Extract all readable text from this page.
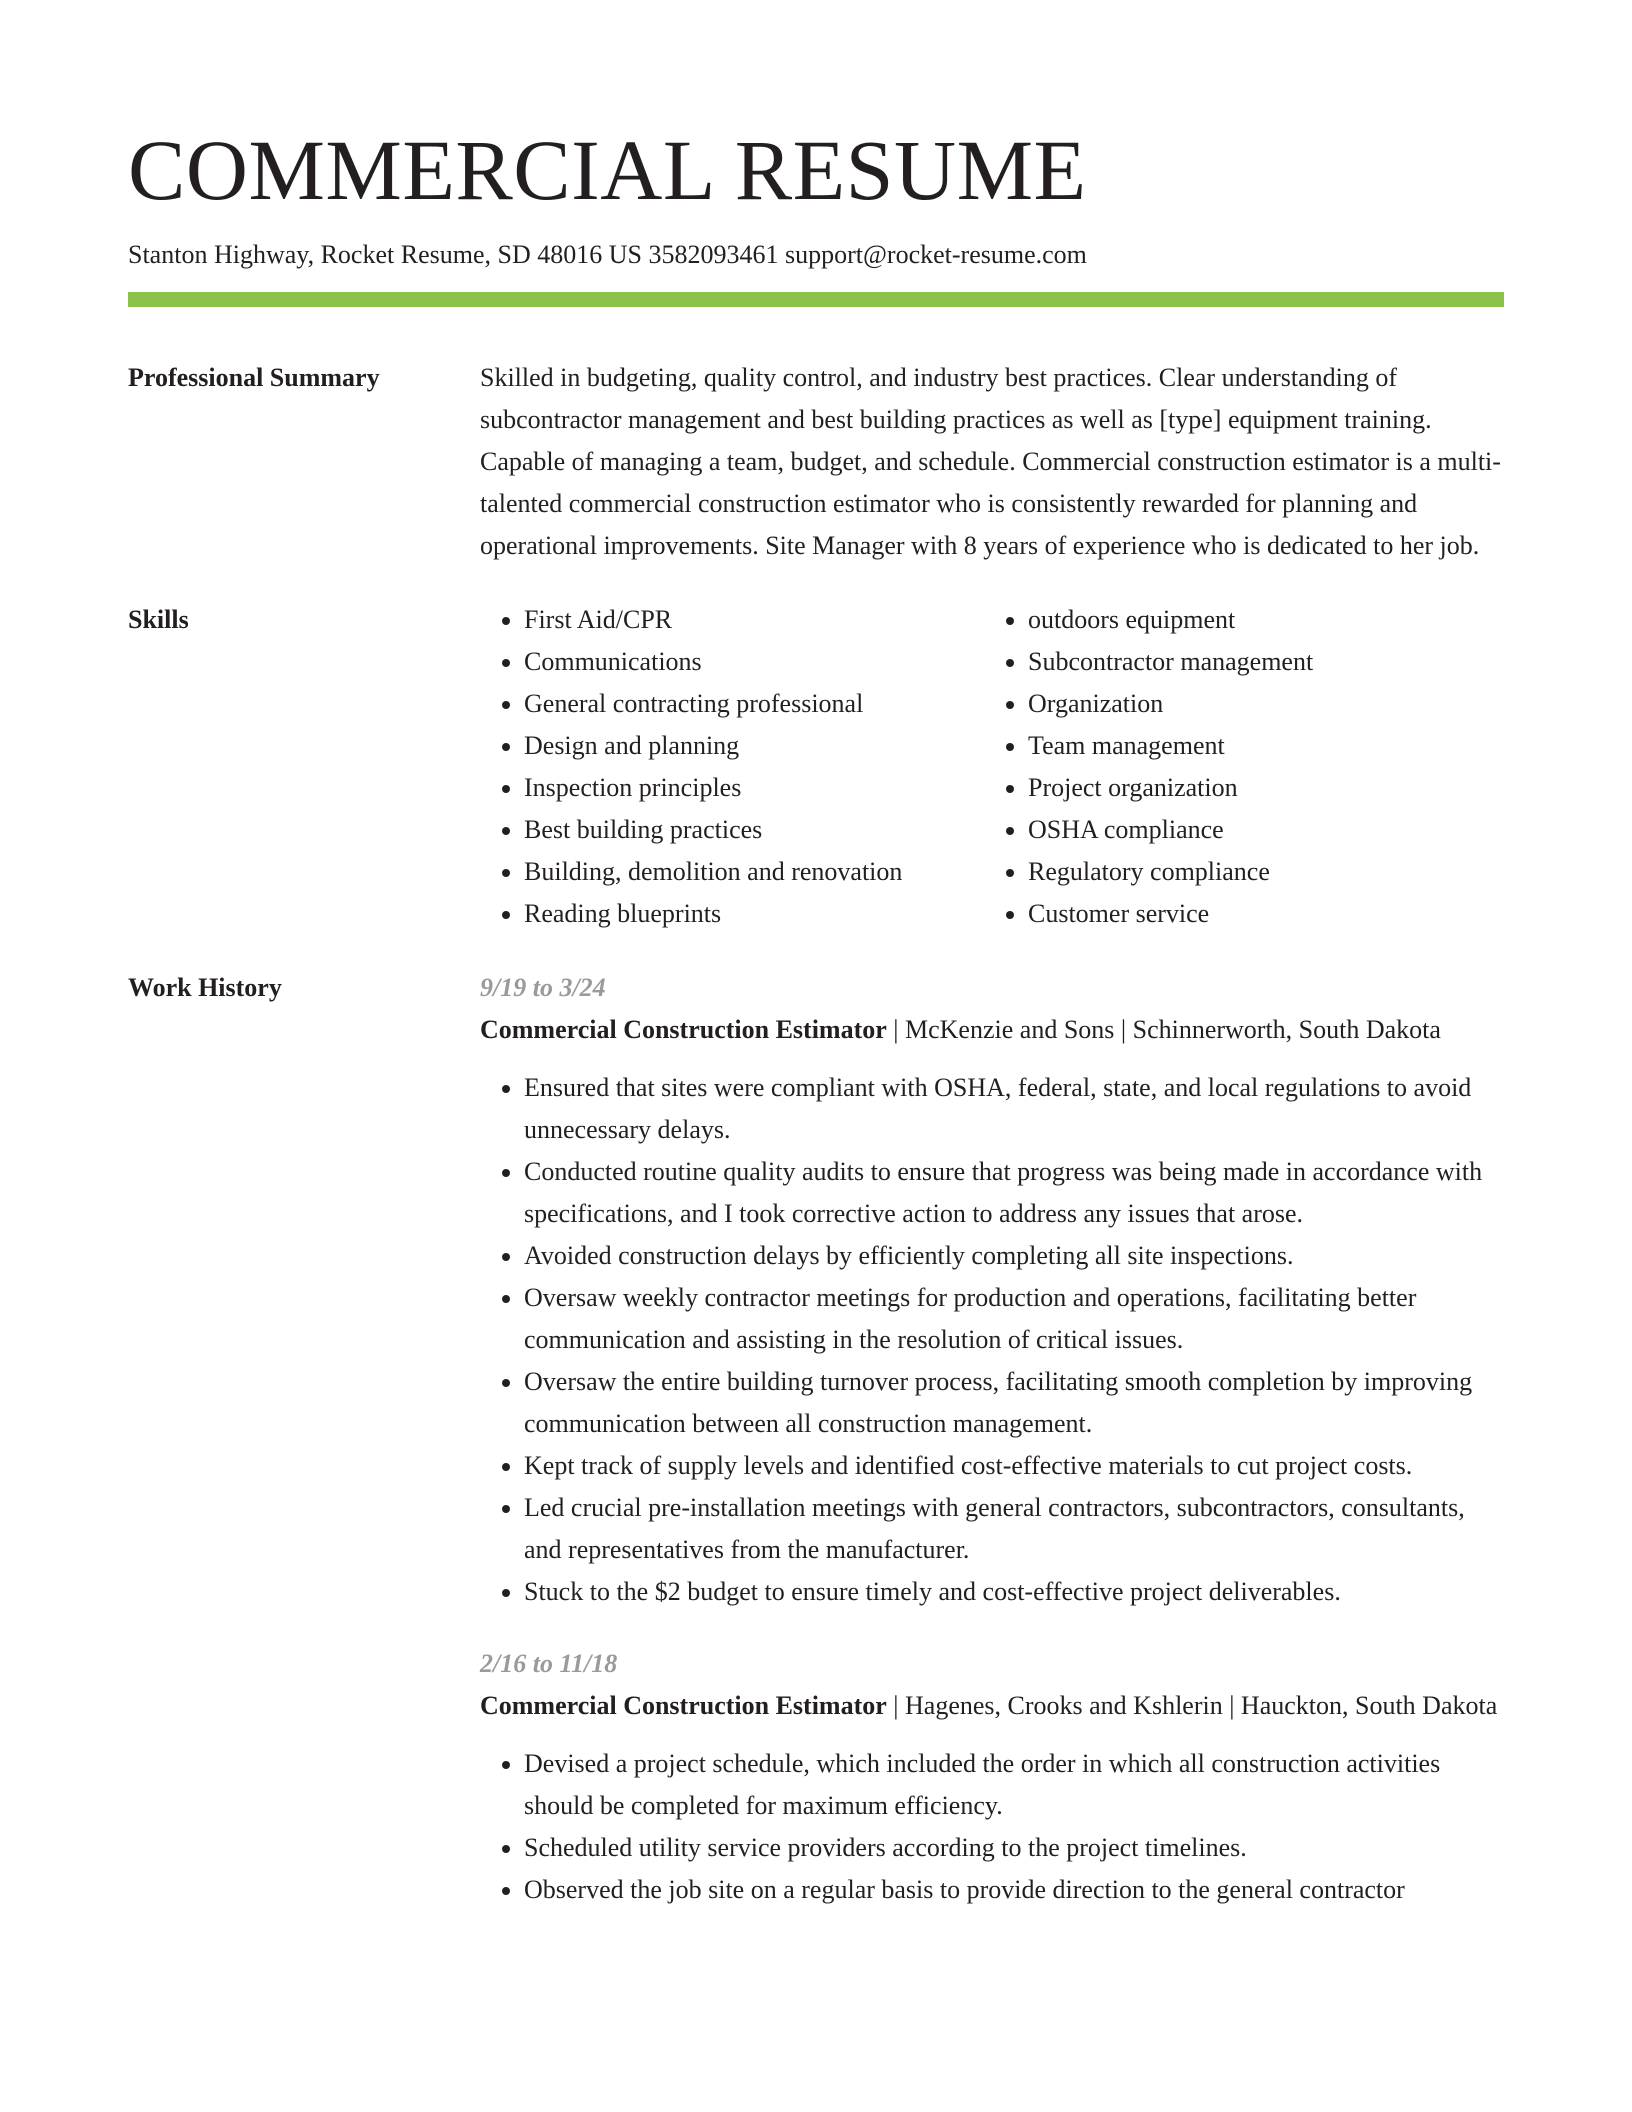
COMMERCIAL RESUME
Stanton Highway, Rocket Resume, SD 48016 US 3582093461 support@rocket-resume.com
Professional Summary	Skilled in budgeting, quality control, and industry best practices. Clear understanding of subcontractor management and best building practices as well as [type] equipment training. Capable of managing a team, budget, and schedule. Commercial construction estimator is a multi-talented commercial construction estimator who is consistently rewarded for planning and operational improvements. Site Manager with 8 years of experience who is dedicated to her job.

Skills
•	First Aid/CPR
• Communications
• General contracting professional
• Design and planning
• Inspection principles
• Best building practices
• Building, demolition and renovation
• Reading blueprints
• outdoors equipment
• Subcontractor management
• Organization
• Team management
• Project organization
• OSHA compliance
• Regulatory compliance
• Customer service
Work History	9/19 to 3/24
Commercial Construction Estimator | McKenzie and Sons | Schinnerworth, South Dakota
• Ensured that sites were compliant with OSHA, federal, state, and local regulations to avoid unnecessary delays.
• Conducted routine quality audits to ensure that progress was being made in accordance with specifications, and I took corrective action to address any issues that arose.
• Avoided construction delays by efficiently completing all site inspections.
• Oversaw weekly contractor meetings for production and operations, facilitating better communication and assisting in the resolution of critical issues.
• Oversaw the entire building turnover process, facilitating smooth completion by improving communication between all construction management.
• Kept track of supply levels and identified cost-effective materials to cut project costs.
• Led crucial pre-installation meetings with general contractors, subcontractors, consultants, and representatives from the manufacturer.
• Stuck to the $2 budget to ensure timely and cost-effective project deliverables.
2/16 to 11/18
Commercial Construction Estimator | Hagenes, Crooks and Kshlerin | Hauckton, South Dakota
• Devised a project schedule, which included the order in which all construction activities should be completed for maximum efficiency.
• Scheduled utility service providers according to the project timelines.
• Observed the job site on a regular basis to provide direction to the general contractor
